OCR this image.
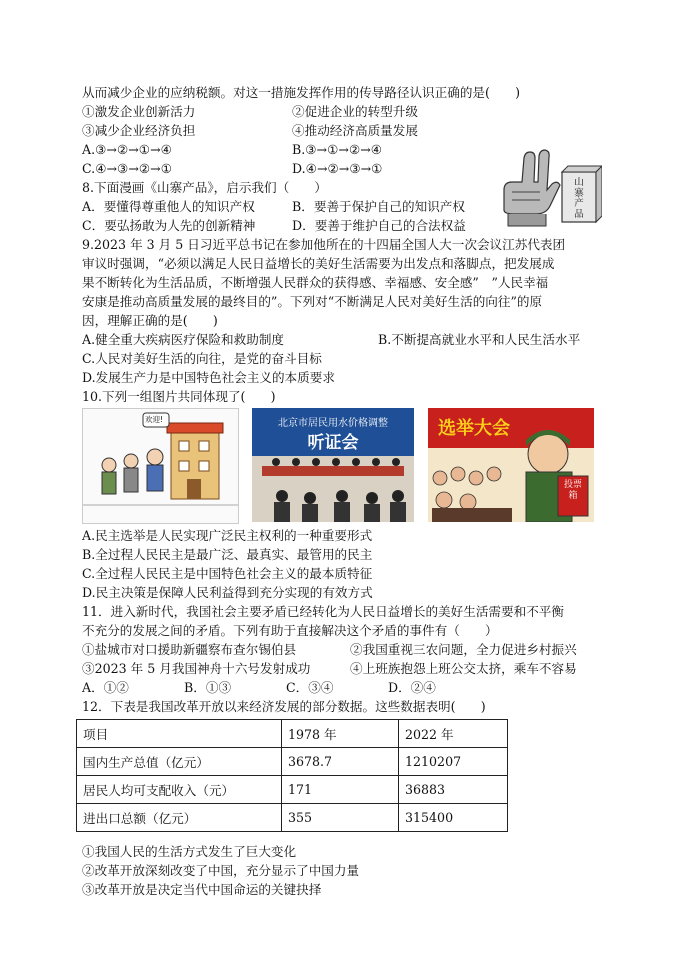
从而减少企业的应纳税额。对这一措施发挥作用的传导路径认识正确的是(　　)
①激发企业创新活力	②促进企业的转型升级
③减少企业经济负担	④推动经济高质量发展
A.③→②→①→④	B.③→①→②→④
C.④→③→②→①	D.④→②→③→①
8.下面漫画《山寨产品》，启示我们（　　）
A．要懂得尊重他人的知识产权	B．要善于保护自己的知识产权
C．要弘扬敢为人先的创新精神	D．要善于维护自己的合法权益
山寨产品
9.2023 年 3 月 5 日习近平总书记在参加他所在的十四届全国人大一次会议江苏代表团
审议时强调，“必须以满足人民日益增长的美好生活需要为出发点和落脚点，把发展成
果不断转化为生活品质，不断增强人民群众的获得感、幸福感、安全感”　”人民幸福
安康是推动高质量发展的最终目的”。下列对“不断满足人民对美好生活的向往”的原
因，理解正确的是(　　)
A.健全重大疾病医疗保险和救助制度	B.不断提高就业水平和人民生活水平
C.人民对美好生活的向往，是党的奋斗目标
D.发展生产力是中国特色社会主义的本质要求
10.下列一组图片共同体现了(　　)
欢迎!	北京市居民用水价格调整
听证会
选举大会
投票箱
A.民主选举是人民实现广泛民主权利的一种重要形式
B.全过程人民民主是最广泛、最真实、最管用的民主
C.全过程人民民主是中国特色社会主义的最本质特征
D.民主决策是保障人民利益得到充分实现的有效方式
11．进入新时代，我国社会主要矛盾已经转化为人民日益增长的美好生活需要和不平衡
不充分的发展之间的矛盾。下列有助于直接解决这个矛盾的事件有（　　）
①盐城市对口援助新疆察布查尔锡伯县	②我国重视三农问题，全力促进乡村振兴
③2023 年 5 月我国神舟十六号发射成功	④上班族抱怨上班公交太挤，乘车不容易
A．①②	B．①③	C．③④	D．②④
12．下表是我国改革开放以来经济发展的部分数据。这些数据表明(　　)
项目	1978 年	2022 年
国内生产总值（亿元）	3678.7	1210207
居民人均可支配收入（元）	171	36883
进出口总额（亿元）	355	315400
①我国人民的生活方式发生了巨大变化
②改革开放深刻改变了中国，充分显示了中国力量
③改革开放是决定当代中国命运的关键抉择
